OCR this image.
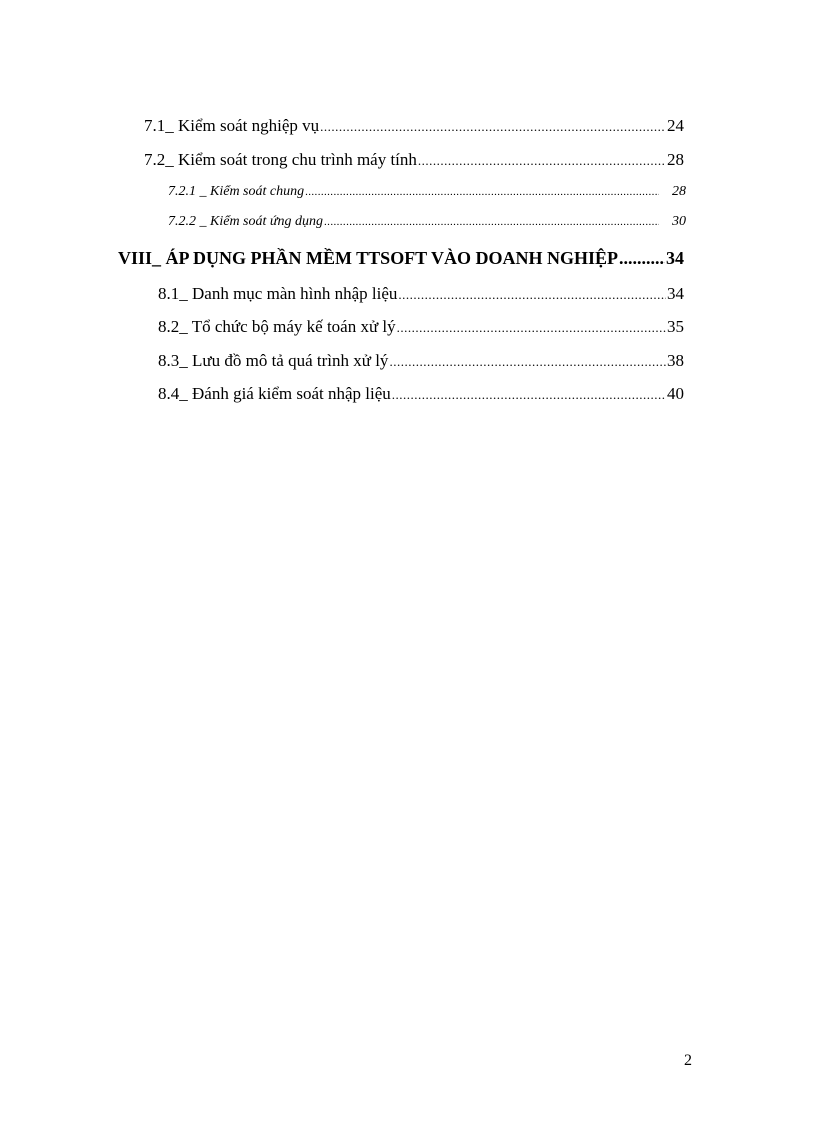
7.1_ Kiểm soát nghiệp vụ .....	24
7.2_ Kiểm soát trong chu trình máy tính .....	28
7.2.1 _ Kiểm soát chung .....	28
7.2.2 _ Kiểm soát ứng dụng .....	30
VIII_ ÁP DỤNG PHẦN MỀM TTSOFT VÀO DOANH NGHIỆP .....	34
8.1_ Danh mục màn hình nhập liệu .....	34
8.2_ Tổ chức bộ máy kế toán xử lý .....	35
8.3_ Lưu đồ mô tả quá trình xử lý .....	38
8.4_ Đánh giá kiểm soát nhập liệu .....	40
2
